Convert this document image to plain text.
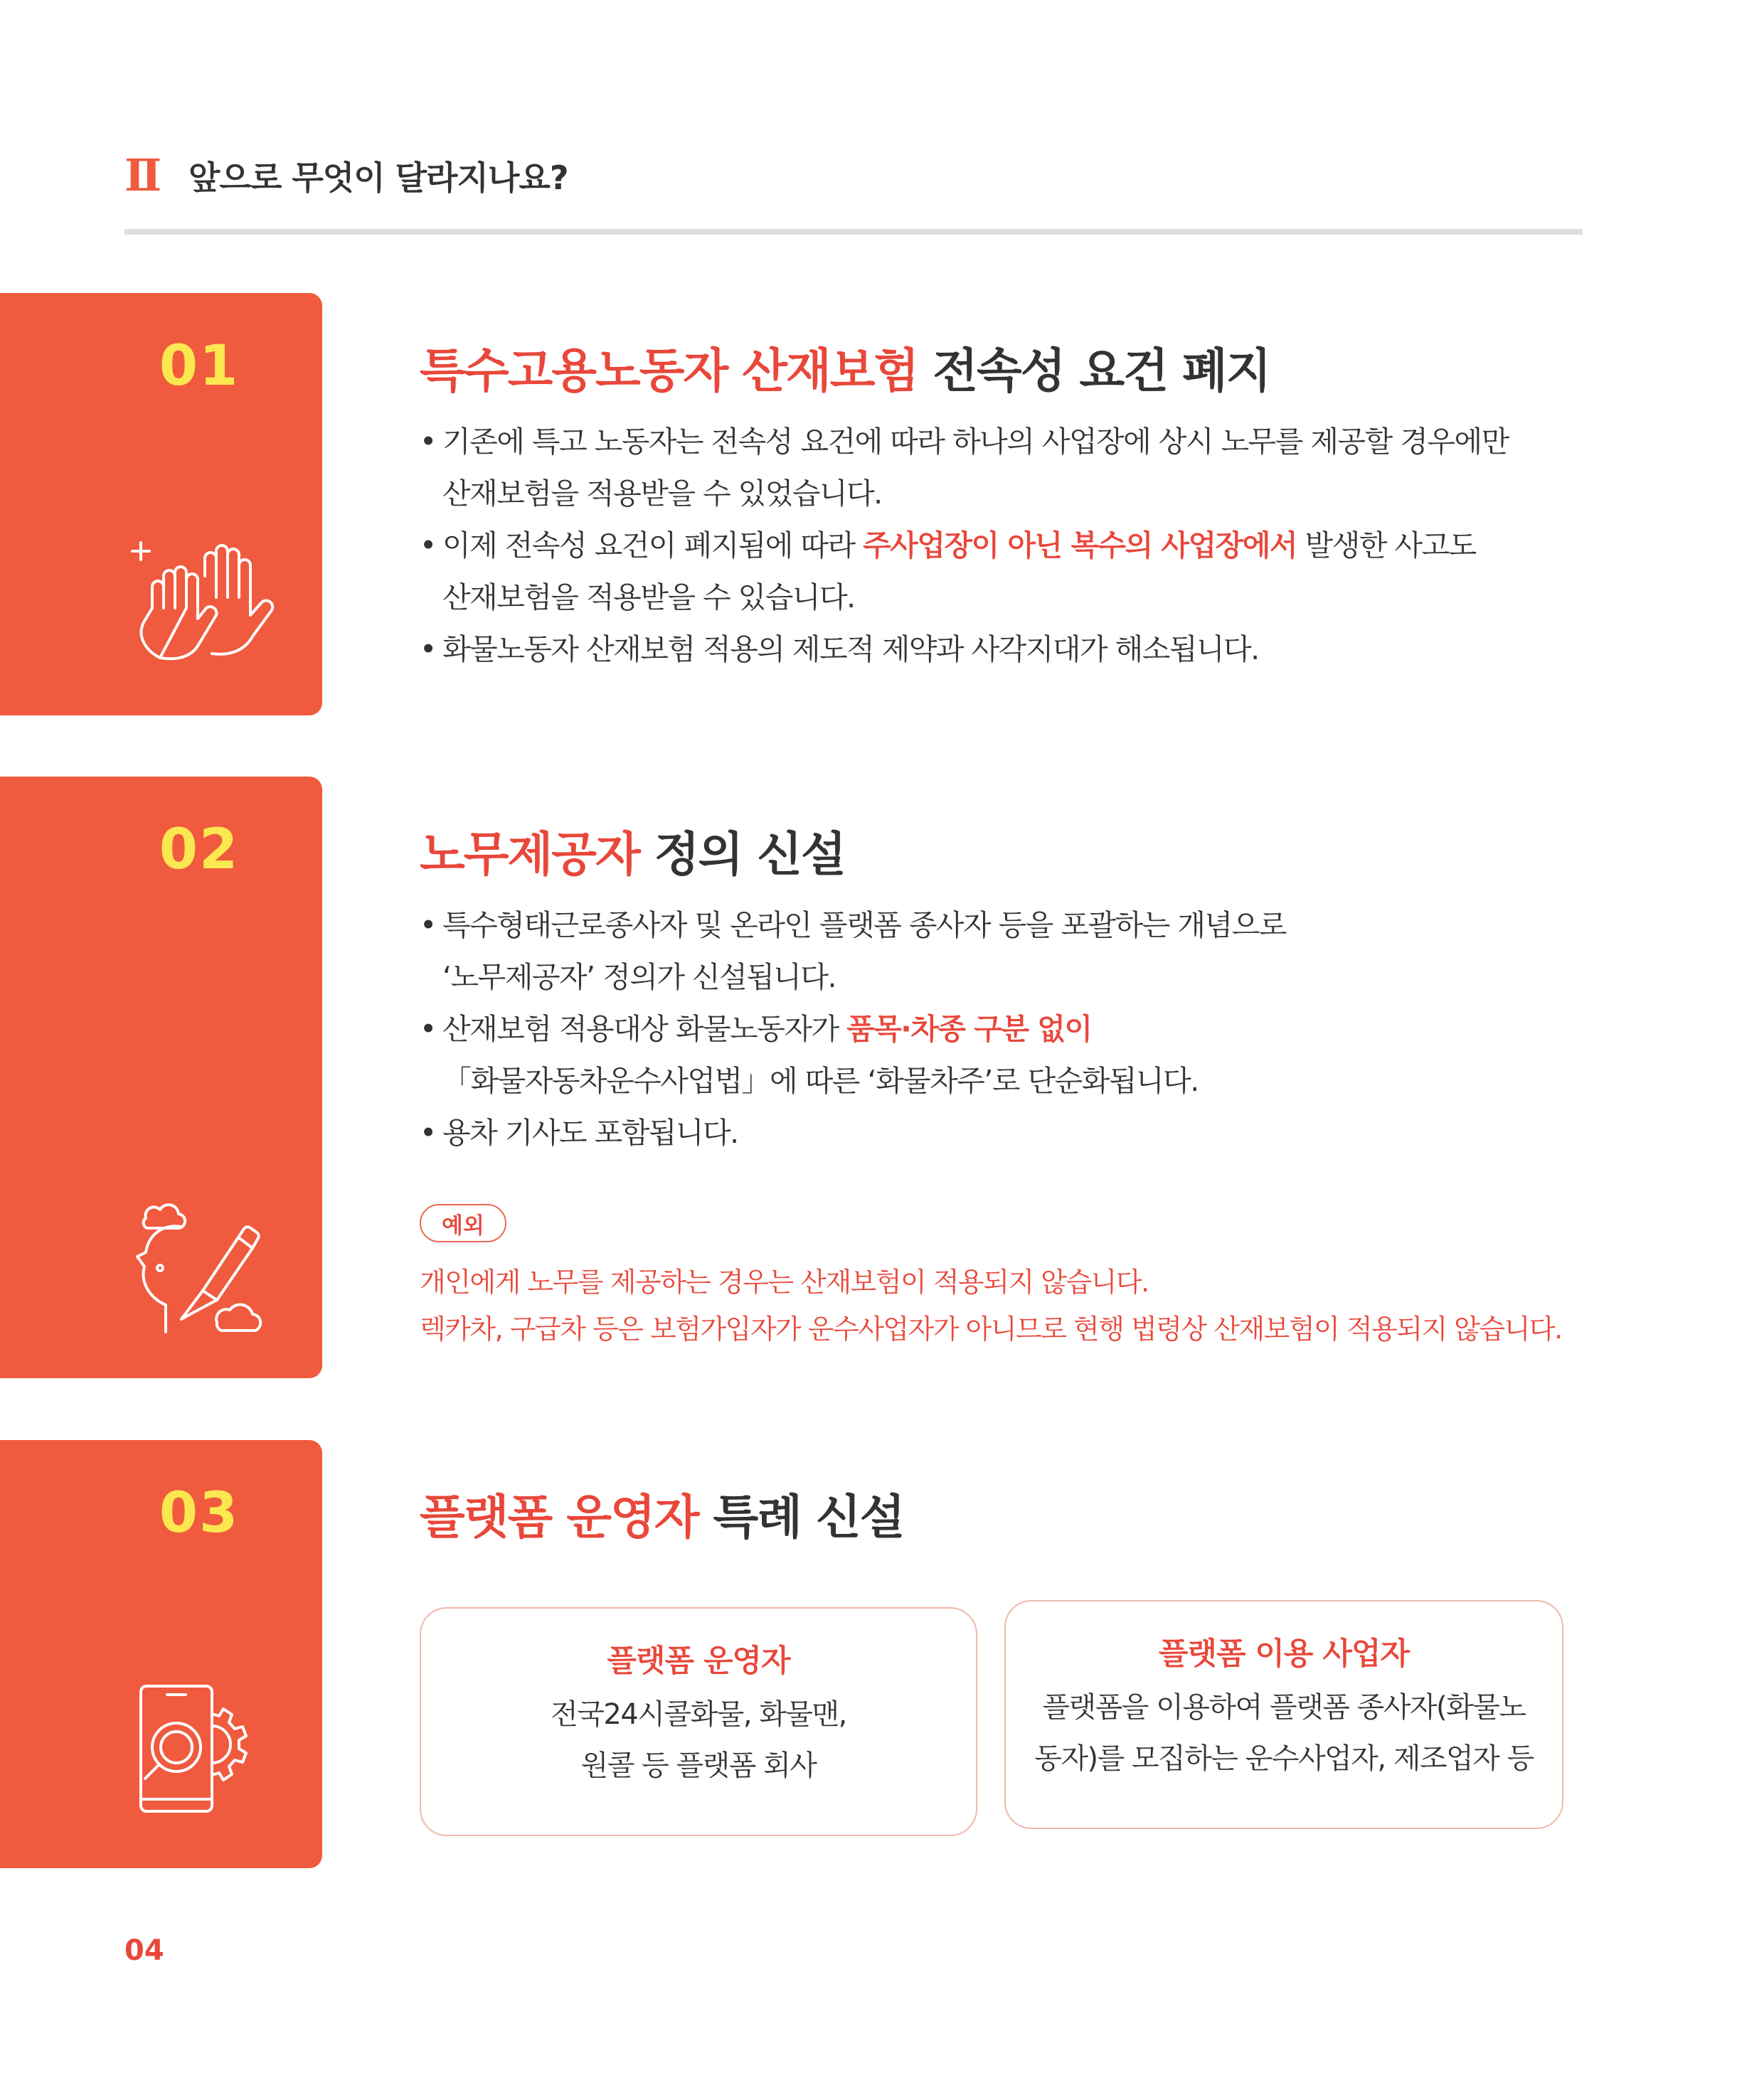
Ⅱ 앞으로 무엇이 달라지나요?
01	특수고용노동자 산재보험 전속성 요건 폐지
• 기존에 특고 노동자는 전속성 요건에 따라 하나의 사업장에 상시 노무를 제공할 경우에만
산재보험을 적용받을 수 있었습니다.
• 이제 전속성 요건이 폐지됨에 따라 주사업장이 아닌 복수의 사업장에서 발생한 사고도
산재보험을 적용받을 수 있습니다.
• 화물노동자 산재보험 적용의 제도적 제약과 사각지대가 해소됩니다.
02	노무제공자 정의 신설
• 특수형태근로종사자 및 온라인 플랫폼 종사자 등을 포괄하는 개념으로
‘노무제공자’ 정의가 신설됩니다.
• 산재보험 적용대상 화물노동자가 품목·차종 구분 없이
「화물자동차운수사업법」에 따른 ‘화물차주’로 단순화됩니다.
• 용차 기사도 포함됩니다.
예외
개인에게 노무를 제공하는 경우는 산재보험이 적용되지 않습니다.
렉카차, 구급차 등은 보험가입자가 운수사업자가 아니므로 현행 법령상 산재보험이 적용되지 않습니다.
03	플랫폼 운영자 특례 신설
플랫폼 운영자
전국24시콜화물, 화물맨,
원콜 등 플랫폼 회사
플랫폼 이용 사업자
플랫폼을 이용하여 플랫폼 종사자(화물노
동자)를 모집하는 운수사업자, 제조업자 등
04
